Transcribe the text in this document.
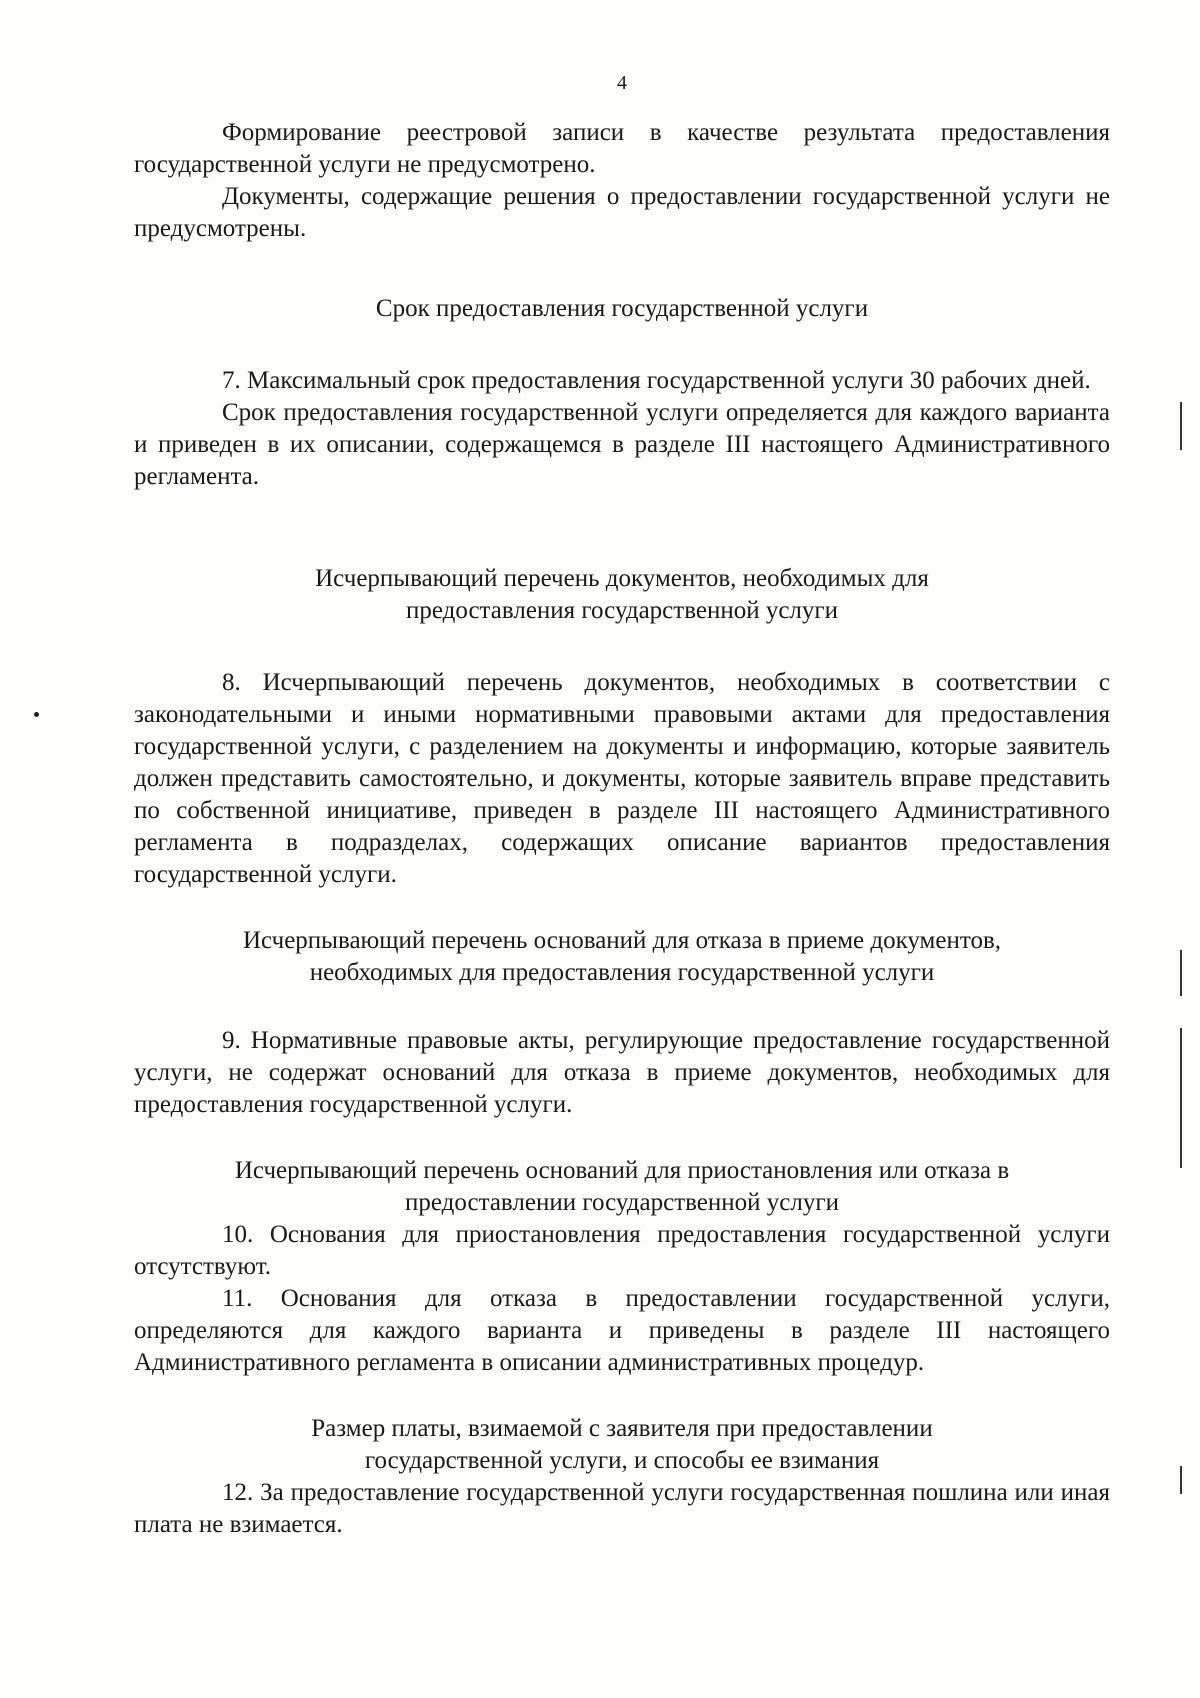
4

Формирование реестровой записи в качестве результата предоставления государственной услуги не предусмотрено.

Документы, содержащие решения о предоставлении государственной услуги не предусмотрены.

Срок предоставления государственной услуги

7. Максимальный срок предоставления государственной услуги 30 рабочих дней.

Срок предоставления государственной услуги определяется для каждого варианта и приведен в их описании, содержащемся в разделе III настоящего Административного регламента.

Исчерпывающий перечень документов, необходимых для
предоставления государственной услуги

8. Исчерпывающий перечень документов, необходимых в соответствии с законодательными и иными нормативными правовыми актами для предоставления государственной услуги, с разделением на документы и информацию, которые заявитель должен представить самостоятельно, и документы, которые заявитель вправе представить по собственной инициативе, приведен в разделе III настоящего Административного регламента в подразделах, содержащих описание вариантов предоставления государственной услуги.

Исчерпывающий перечень оснований для отказа в приеме документов,
необходимых для предоставления государственной услуги

9. Нормативные правовые акты, регулирующие предоставление государственной услуги, не содержат оснований для отказа в приеме документов, необходимых для предоставления государственной услуги.

Исчерпывающий перечень оснований для приостановления или отказа в
предоставлении государственной услуги

10. Основания для приостановления предоставления государственной услуги отсутствуют.

11. Основания для отказа в предоставлении государственной услуги, определяются для каждого варианта и приведены в разделе III настоящего Административного регламента в описании административных процедур.

Размер платы, взимаемой с заявителя при предоставлении
государственной услуги, и способы ее взимания

12. За предоставление государственной услуги государственная пошлина или иная плата не взимается.
